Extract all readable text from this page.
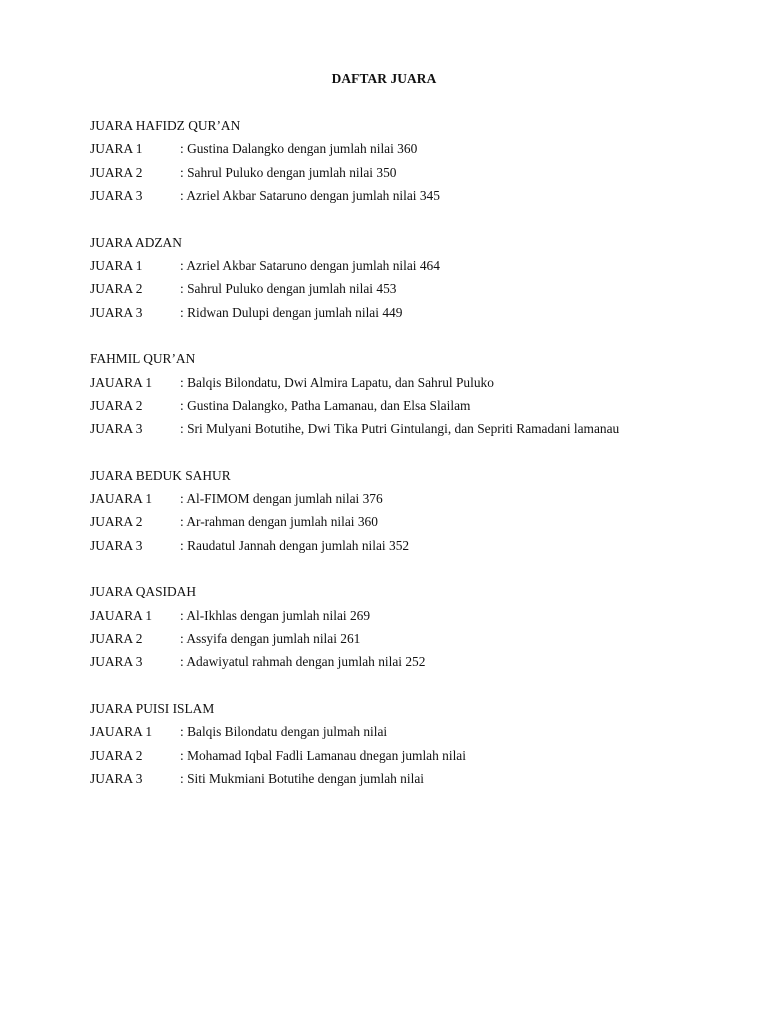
DAFTAR JUARA
JUARA HAFIDZ QUR’AN
JUARA 1	: Gustina Dalangko dengan jumlah nilai 360
JUARA 2	: Sahrul Puluko dengan jumlah nilai 350
JUARA 3	: Azriel Akbar Sataruno dengan jumlah nilai 345
JUARA ADZAN
JUARA 1	: Azriel Akbar Sataruno dengan jumlah nilai 464
JUARA 2	: Sahrul Puluko dengan jumlah nilai 453
JUARA 3	: Ridwan Dulupi dengan jumlah nilai 449
FAHMIL QUR’AN
JAUARA 1	: Balqis Bilondatu, Dwi Almira Lapatu, dan Sahrul Puluko
JUARA 2	: Gustina Dalangko, Patha Lamanau, dan Elsa Slailam
JUARA 3	: Sri Mulyani Botutihe, Dwi Tika Putri Gintulangi, dan Sepriti Ramadani lamanau
JUARA BEDUK SAHUR
JAUARA 1	: Al-FIMOM dengan jumlah nilai 376
JUARA 2	: Ar-rahman dengan jumlah nilai 360
JUARA 3	: Raudatul Jannah dengan jumlah nilai 352
JUARA QASIDAH
JAUARA 1	: Al-Ikhlas dengan jumlah nilai 269
JUARA 2	: Assyifa dengan jumlah nilai 261
JUARA 3	: Adawiyatul rahmah dengan jumlah nilai 252
JUARA PUISI ISLAM
JAUARA 1	: Balqis Bilondatu dengan julmah nilai
JUARA 2	: Mohamad Iqbal Fadli Lamanau dnegan jumlah nilai
JUARA 3	: Siti Mukmiani Botutihe dengan jumlah nilai
